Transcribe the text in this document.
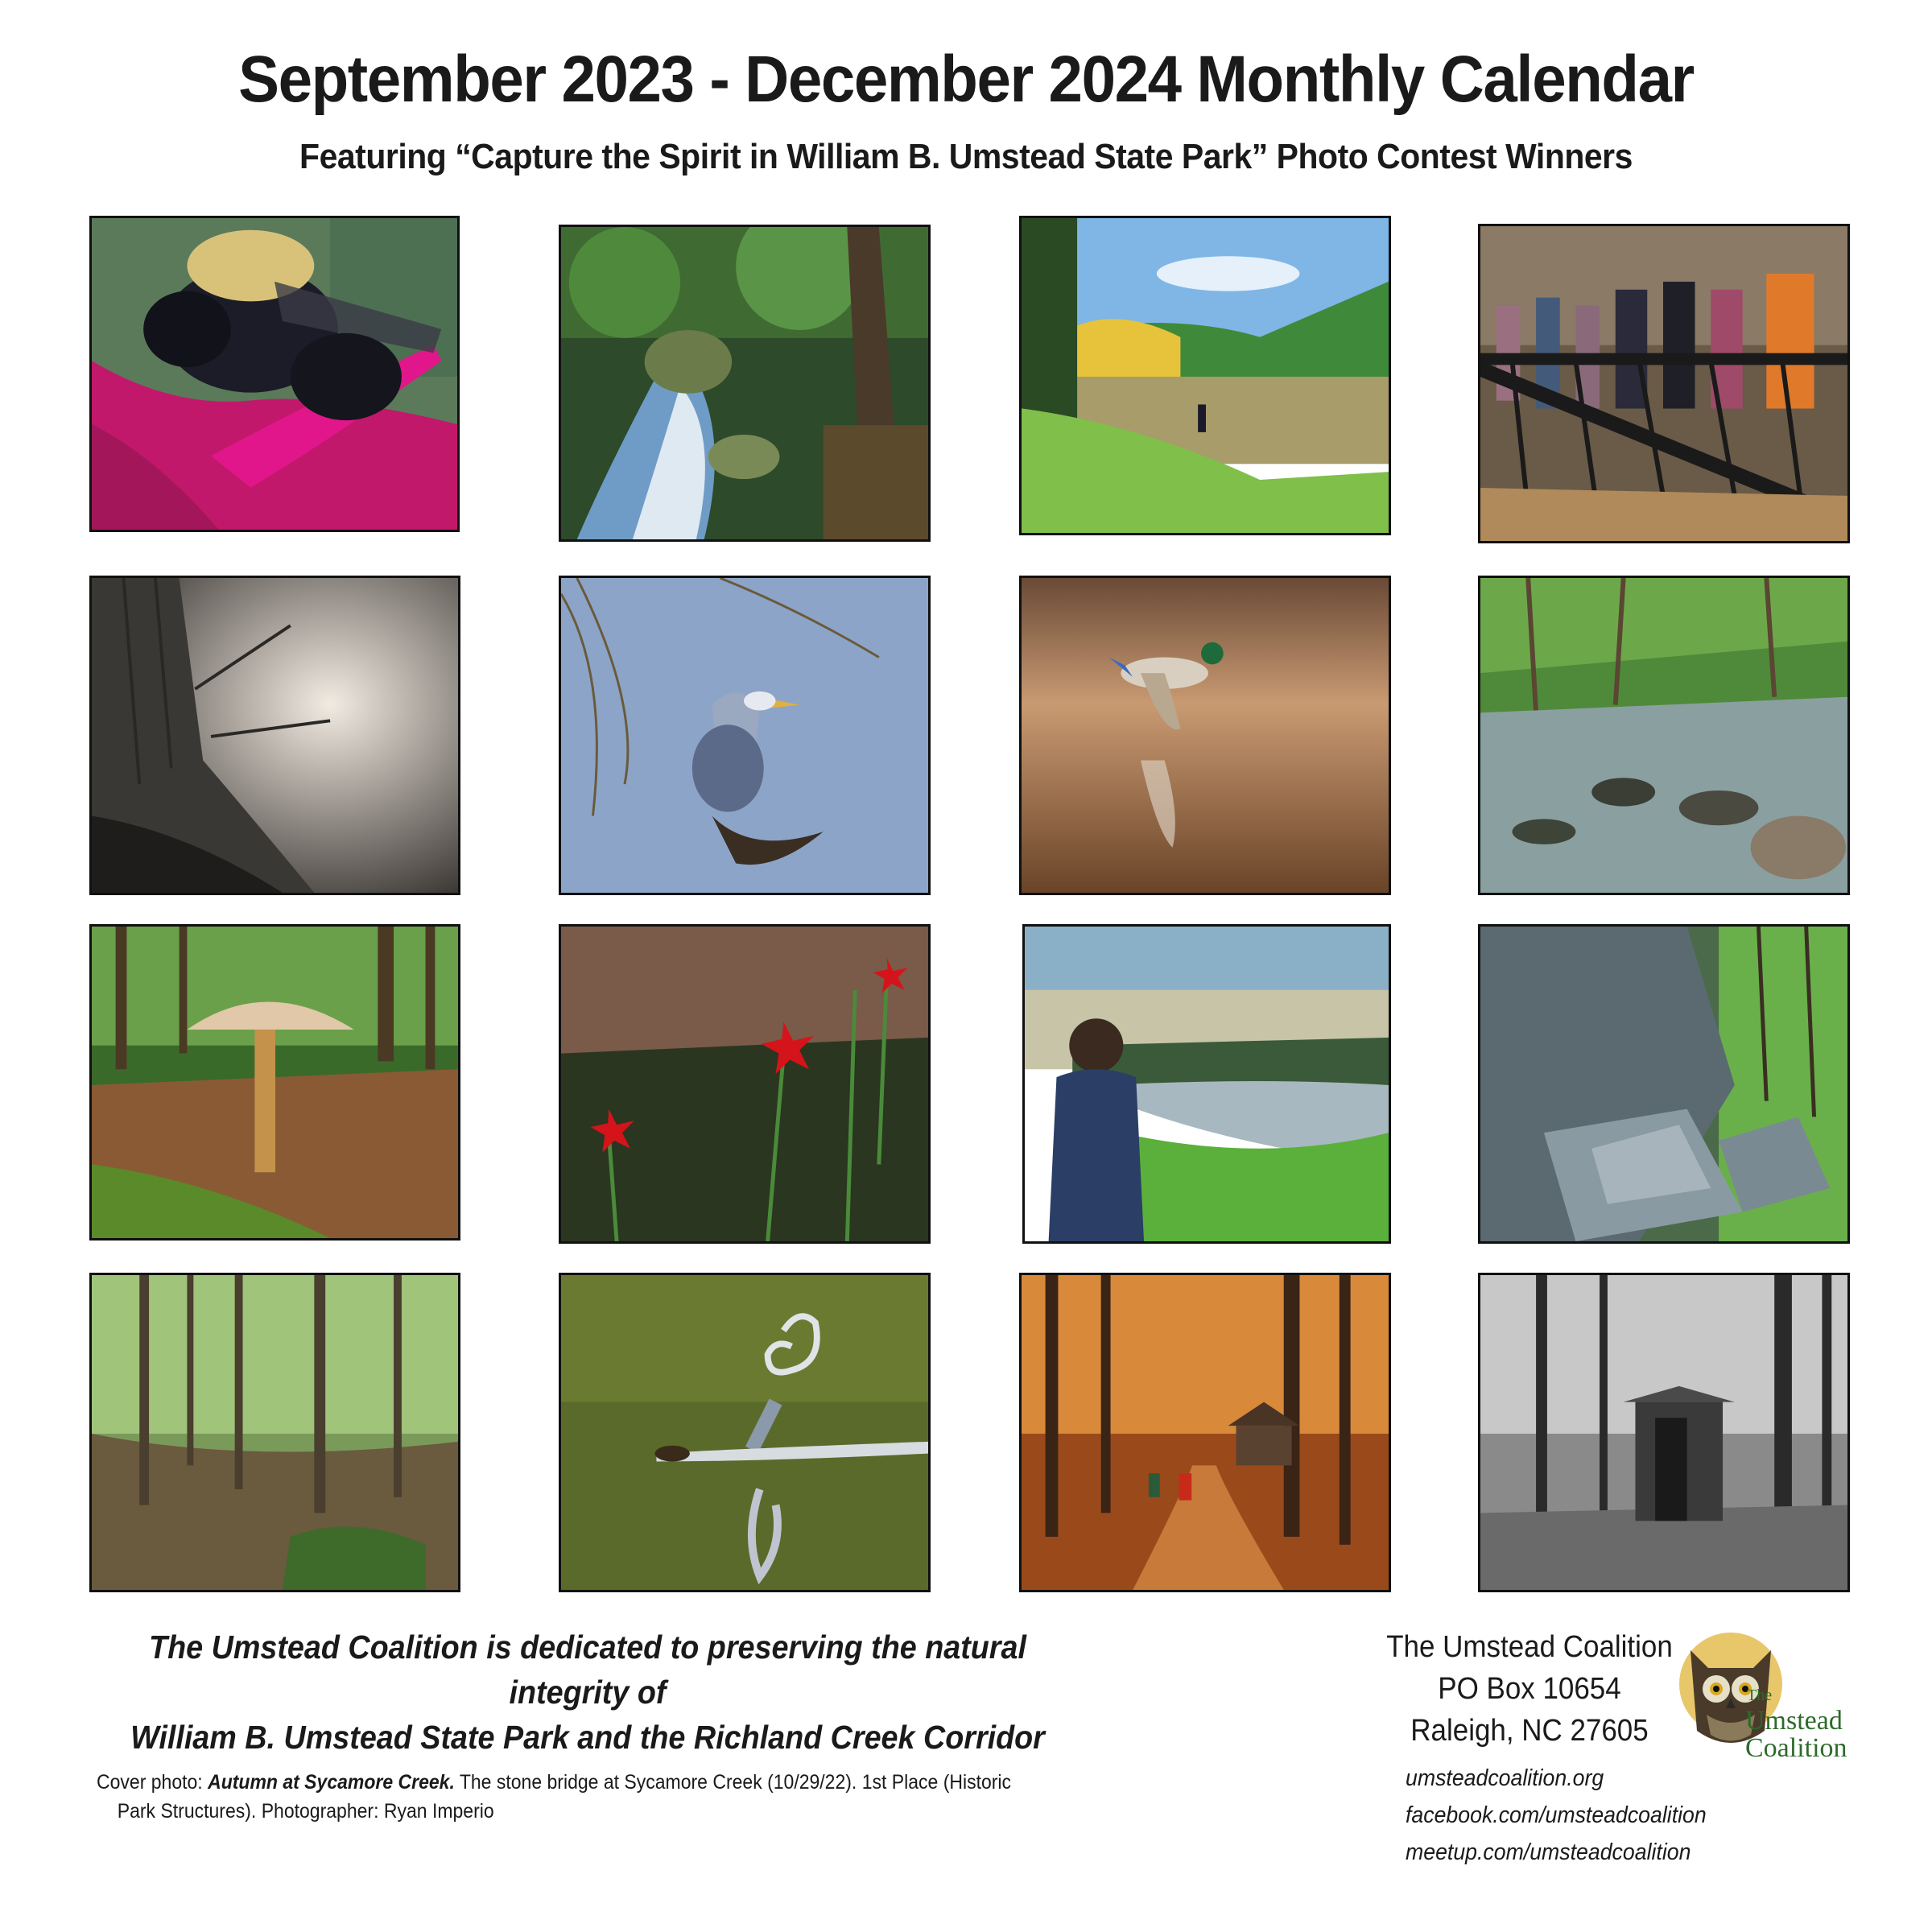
September 2023 - December 2024 Monthly Calendar
Featuring “Capture the Spirit in William B. Umstead State Park” Photo Contest Winners
The Umstead Coalition is dedicated to preserving the natural integrity of
William B. Umstead State Park and the Richland Creek Corridor
Cover photo: Autumn at Sycamore Creek. The stone bridge at Sycamore Creek (10/29/22). 1st Place (Historic
Park Structures). Photographer: Ryan Imperio
The Umstead Coalition
PO Box 10654
Raleigh, NC 27605
umsteadcoalition.org
facebook.com/umsteadcoalition
meetup.com/umsteadcoalition
The
Umstead
Coalition
